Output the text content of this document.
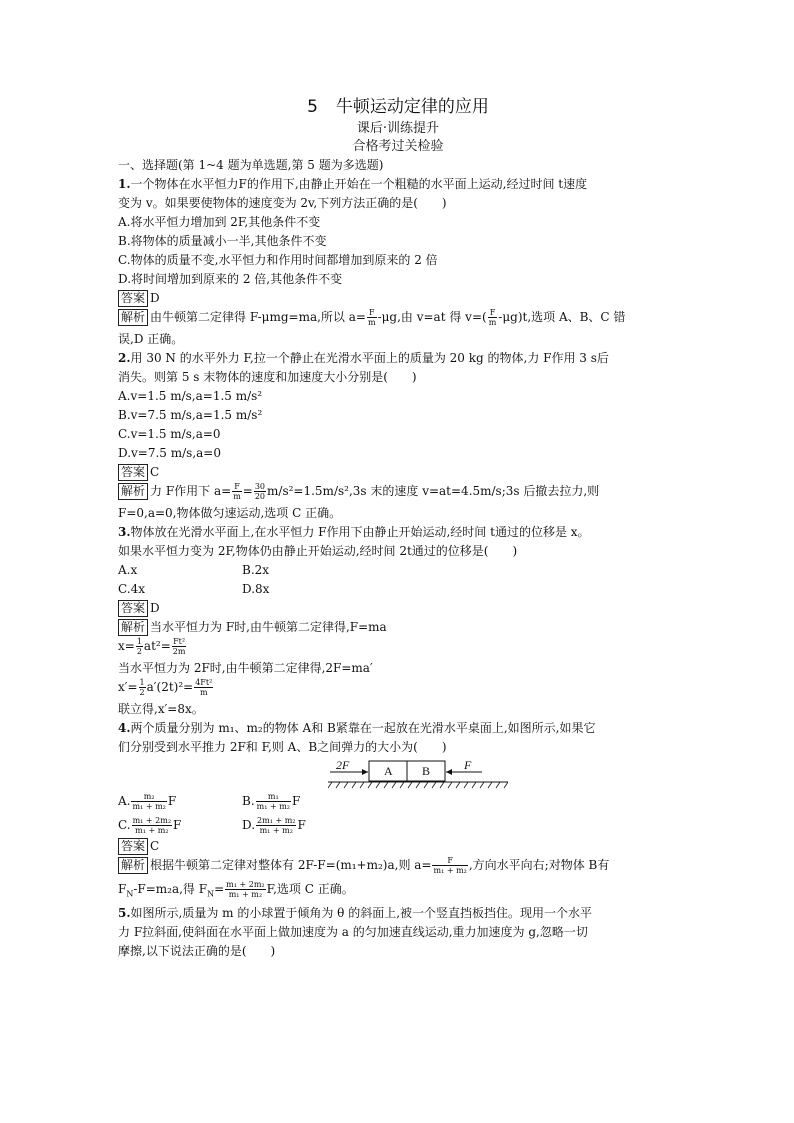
5 牛顿运动定律的应用
课后·训练提升
合格考过关检验
一、选择题(第 1~4 题为单选题,第 5 题为多选题)
1.一个物体在水平恒力F的作用下,由静止开始在一个粗糙的水平面上运动,经过时间 t速度
变为 v。如果要使物体的速度变为 2v,下列方法正确的是(　　)
A.将水平恒力增加到 2F,其他条件不变
B.将物体的质量减小一半,其他条件不变
C.物体的质量不变,水平恒力和作用时间都增加到原来的 2 倍
D.将时间增加到原来的 2 倍,其他条件不变
答案 D
解析 由牛顿第二定律得 F-μmg=ma,所以 $a= \frac{F}{m} -\mu g$,由 v=at 得 $v=( \frac{F}{m} -\mu g)t$,选项 A、B、C 错
误,D 正确。
2.用 30 N 的水平外力 F,拉一个静止在光滑水平面上的质量为 20 kg 的物体,力 F作用 3 s后
消失。则第 5 s 末物体的速度和加速度大小分别是(　　)
A.v=1.5 m/s,a=1.5 m/s²
B.v=7.5 m/s,a=1.5 m/s²
C.v=1.5 m/s,a=0
D.v=7.5 m/s,a=0
答案 C
解析 力 F作用下 $a= \frac{F}{m} = \frac{30}{20} m/s^2=1.5m/s^2,3s$ 末的速度 v=at=4.5m/s;3s 后撤去拉力,则
F=0,a=0,物体做匀速运动,选项 C 正确。
3.物体放在光滑水平面上,在水平恒力 F作用下由静止开始运动,经时间 t通过的位移是 x。
如果水平恒力变为 2F,物体仍由静止开始运动,经时间 2t通过的位移是(　　)
A.x	B.2x
C.4x	D.8x
答案 D
解析 当水平恒力为 F时,由牛顿第二定律得,F=ma
$x= \frac{1}{2} at^2= \frac{\text{Ft²}}{2m}$
当水平恒力为 2F时,由牛顿第二定律得,2F=ma′
$x'= \frac{1}{2} a'(2t)^2= \frac{\text{4Ft²}}{m}$
联立得,x′=8x。
4.两个质量分别为 m₁、m₂的物体 A和 B紧靠在一起放在光滑水平桌面上,如图所示,如果它
们分别受到水平推力 2F和 F,则 A、B之间弹力的大小为(　　)
2F	A B	F
A. $\frac{\text{m₂}}{\text{m₁ + m₂}}$ F	B. $\frac{\text{m₁}}{\text{m₁ + m₂}}$ F
C. $\frac{\text{m₁ + 2m₂}}{\text{m₁ + m₂}}$ F	D. $\frac{\text{2m₁ + m₂}}{\text{m₁ + m₂}}$ F
答案 C
解析 根据牛顿第二定律对整体有 2F-F=(m₁+m₂)a,则 $a= \frac{F}{\text{m₁ + m₂}}$ ,方向水平向右;对物体 B有
$F_N-F=m_2a$,得 $F_N= \frac{\text{m₁ + 2m₂}}{\text{m₁ + m₂}} F$,选项 C 正确。
5.如图所示,质量为 m 的小球置于倾角为 θ 的斜面上,被一个竖直挡板挡住。现用一个水平
力 F拉斜面,使斜面在水平面上做加速度为 a 的匀加速直线运动,重力加速度为 g,忽略一切
摩擦,以下说法正确的是(　　)
